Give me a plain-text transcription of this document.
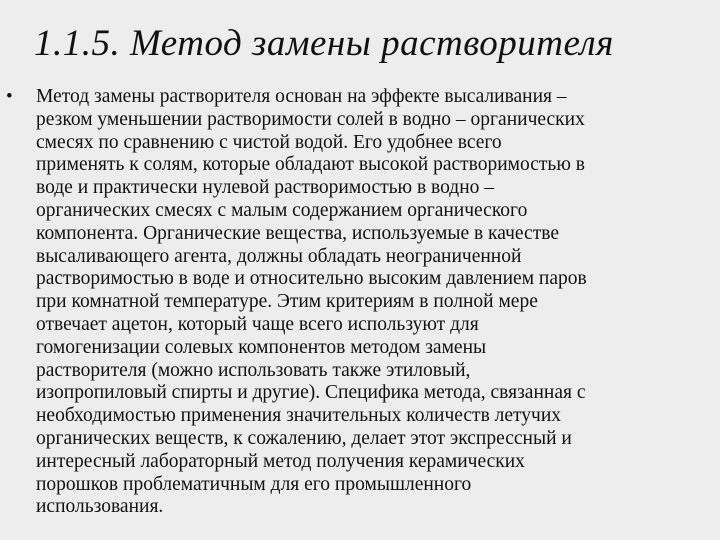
1.1.5. Метод замены растворителя
• Метод замены растворителя основан на эффекте высаливания –
резком уменьшении растворимости солей в водно – органических
смесях по сравнению с чистой водой. Его удобнее всего
применять к солям, которые обладают высокой растворимостью в
воде и практически нулевой растворимостью в водно –
органических смесях с малым содержанием органического
компонента. Органические вещества, используемые в качестве
высаливающего агента, должны обладать неограниченной
растворимостью в воде и относительно высоким давлением паров
при комнатной температуре. Этим критериям в полной мере
отвечает ацетон, который чаще всего используют для
гомогенизации солевых компонентов методом замены
растворителя (можно использовать также этиловый,
изопропиловый спирты и другие). Специфика метода, связанная с
необходимостью применения значительных количеств летучих
органических веществ, к сожалению, делает этот экспрессный и
интересный лабораторный метод получения керамических
порошков проблематичным для его промышленного
использования.
